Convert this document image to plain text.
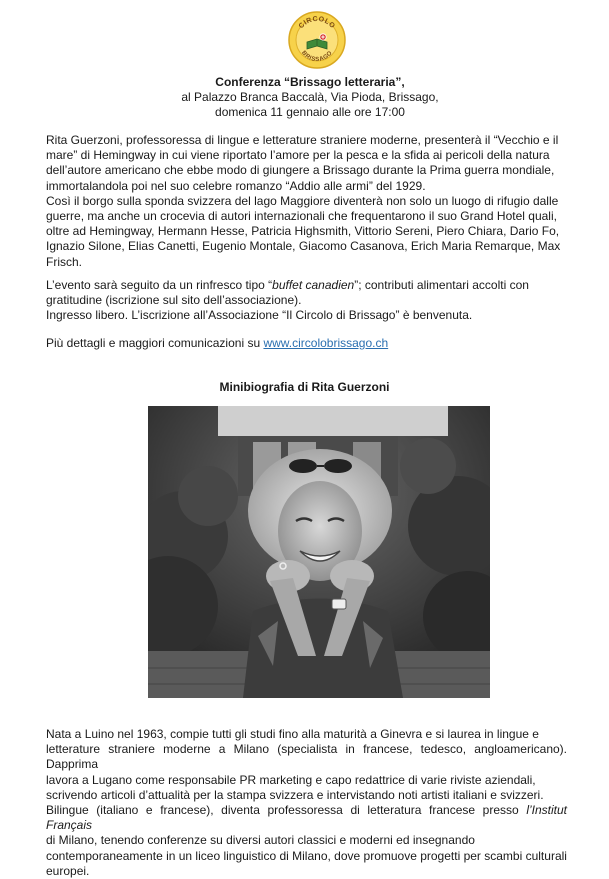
CIRCOLO
BRISSAGO
Conferenza “Brissago letteraria”,
al Palazzo Branca Baccalà, Via Pioda, Brissago,
domenica 11 gennaio alle ore 17:00

Rita Guerzoni, professoressa di lingue e letterature straniere moderne, presenterà il “Vecchio e il
mare” di Hemingway in cui viene riportato l’amore per la pesca e la sfida ai pericoli della natura
dell’autore americano che ebbe modo di giungere a Brissago durante la Prima guerra mondiale,
immortalandola poi nel suo celebre romanzo “Addio alle armi” del 1929.
Così il borgo sulla sponda svizzera del lago Maggiore diventerà non solo un luogo di rifugio dalle
guerre, ma anche un crocevia di autori internazionali che frequentarono il suo Grand Hotel quali,
oltre ad Hemingway, Hermann Hesse, Patricia Highsmith, Vittorio Sereni, Piero Chiara, Dario Fo,
Ignazio Silone, Elias Canetti, Eugenio Montale, Giacomo Casanova, Erich Maria Remarque, Max
Frisch.

L’evento sarà seguito da un rinfresco tipo “buffet canadien”; contributi alimentari accolti con
gratitudine (iscrizione sul sito dell’associazione).
Ingresso libero. L’iscrizione all’Associazione “Il Circolo di Brissago” è benvenuta.

Più dettagli e maggiori comunicazioni su www.circolobrissago.ch

Minibiografia di Rita Guerzoni

Nata a Luino nel 1963, compie tutti gli studi fino alla maturità a Ginevra e si laurea in lingue e
letterature straniere moderne a Milano (specialista in francese, tedesco, angloamericano). Dapprima
lavora a Lugano come responsabile PR marketing e capo redattrice di varie riviste aziendali,
scrivendo articoli d’attualità per la stampa svizzera e intervistando noti artisti italiani e svizzeri.
Bilingue (italiano e francese), diventa professoressa di letteratura francese presso l’Institut Français
di Milano, tenendo conferenze su diversi autori classici e moderni ed insegnando
contemporaneamente in un liceo linguistico di Milano, dove promuove progetti per scambi culturali
europei.
